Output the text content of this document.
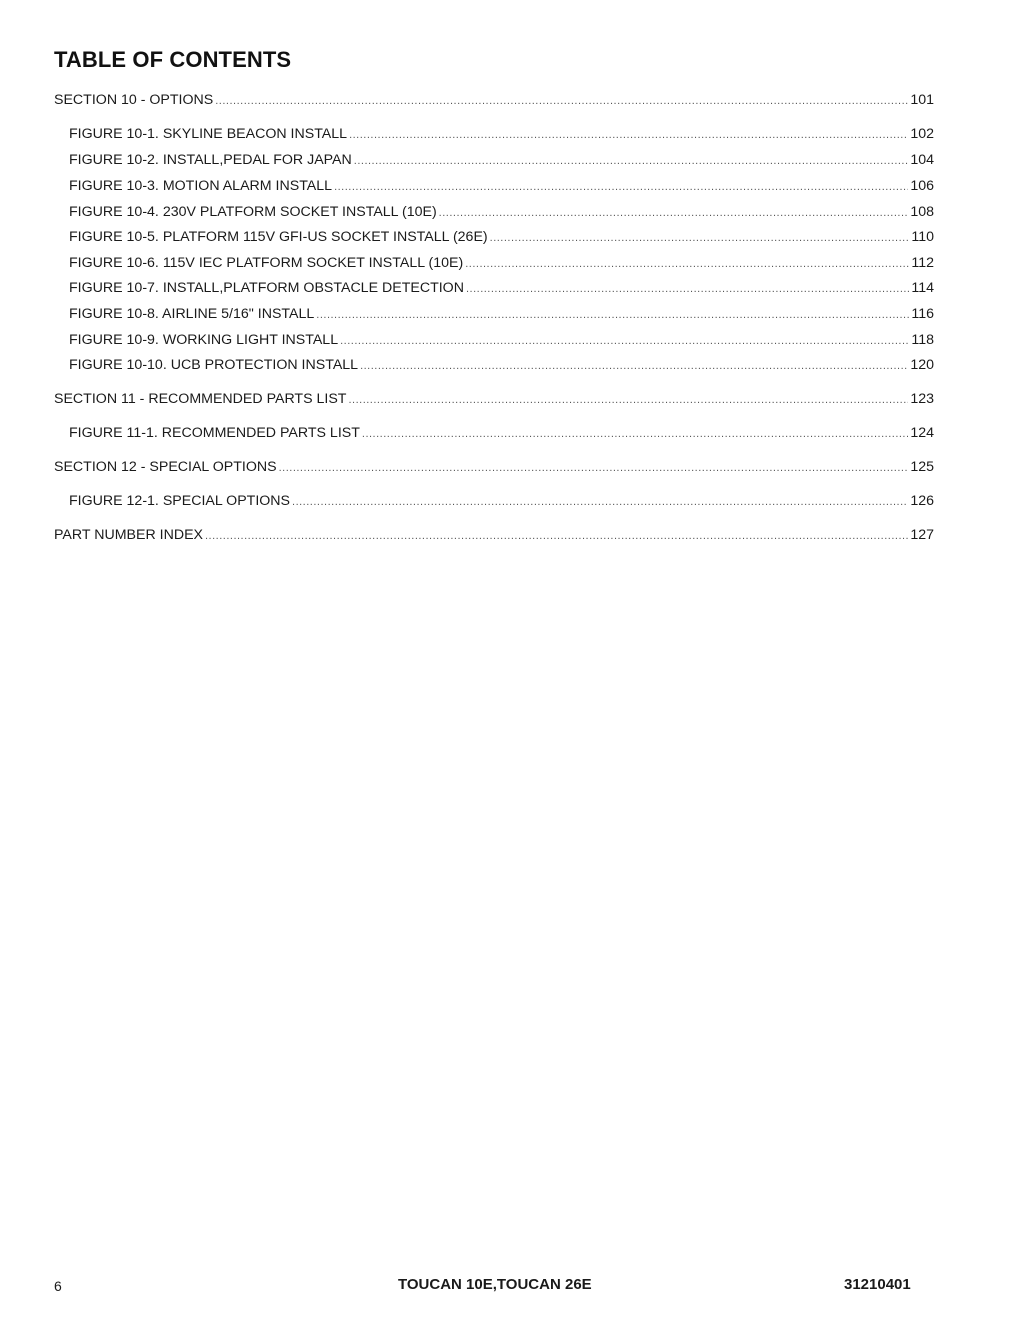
TABLE OF CONTENTS
SECTION 10 - OPTIONS .....	101
FIGURE 10-1. SKYLINE BEACON INSTALL .....	102
FIGURE 10-2. INSTALL,PEDAL FOR JAPAN .....	104
FIGURE 10-3. MOTION ALARM INSTALL .....	106
FIGURE 10-4. 230V PLATFORM SOCKET INSTALL (10E) .....	108
FIGURE 10-5. PLATFORM 115V GFI-US SOCKET INSTALL (26E) .....	110
FIGURE 10-6. 115V IEC PLATFORM SOCKET INSTALL (10E) .....	112
FIGURE 10-7. INSTALL,PLATFORM OBSTACLE DETECTION .....	114
FIGURE 10-8. AIRLINE 5/16" INSTALL .....	116
FIGURE 10-9. WORKING LIGHT INSTALL .....	118
FIGURE 10-10. UCB PROTECTION INSTALL .....	120
SECTION 11 - RECOMMENDED PARTS LIST .....	123
FIGURE 11-1. RECOMMENDED PARTS LIST .....	124
SECTION 12 - SPECIAL OPTIONS .....	125
FIGURE 12-1. SPECIAL OPTIONS .....	126
PART NUMBER INDEX .....	127
6	TOUCAN 10E,TOUCAN 26E	31210401
